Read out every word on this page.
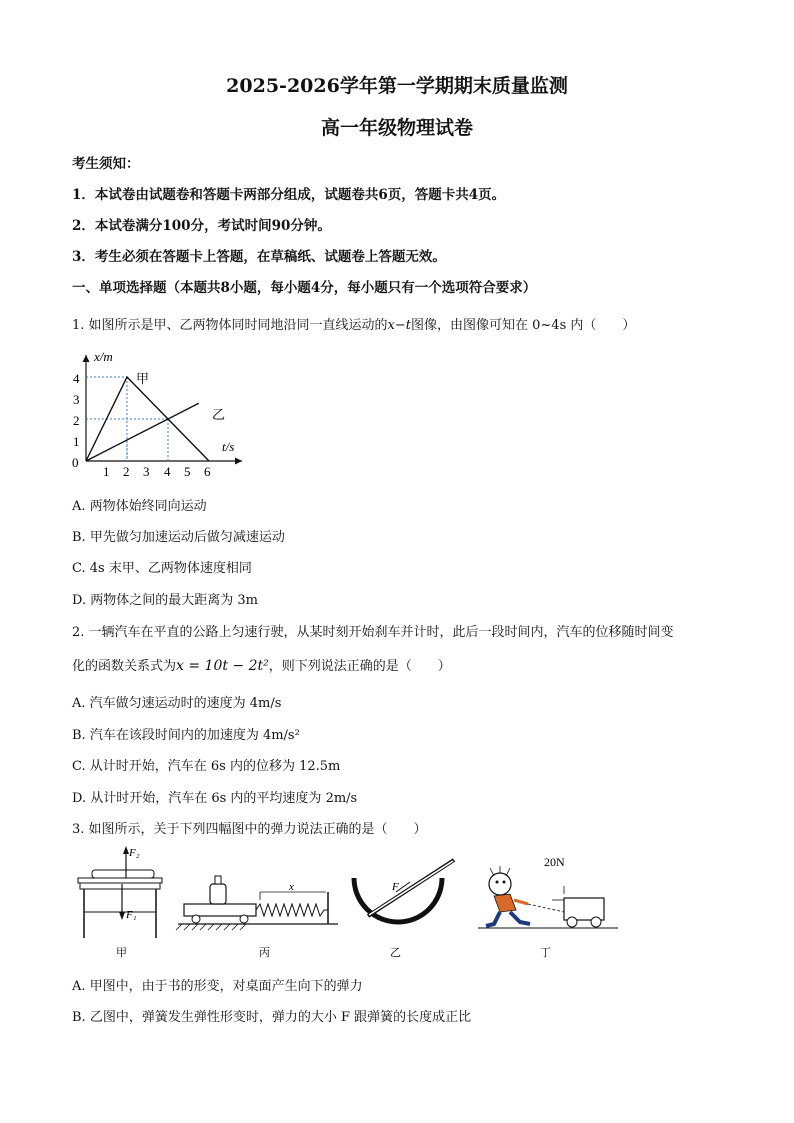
2025-2026学年第一学期期末质量监测
高一年级物理试卷
考生须知：
1．本试卷由试题卷和答题卡两部分组成，试题卷共6页，答题卡共4页。
2．本试卷满分100分，考试时间90分钟。
3．考生必须在答题卡上答题，在草稿纸、试题卷上答题无效。
一、单项选择题（本题共8小题，每小题4分，每小题只有一个选项符合要求）
1. 如图所示是甲、乙两物体同时同地沿同一直线运动的x−t图像，由图像可知在 0~4s 内（　　）
x/m
t/s
0
1
2
3
4
1 2 3 4 5 6
甲
乙
A. 两物体始终同向运动
B. 甲先做匀加速运动后做匀减速运动
C. 4s 末甲、乙两物体速度相同
D. 两物体之间的最大距离为 3m
2. 一辆汽车在平直的公路上匀速行驶，从某时刻开始刹车并计时，此后一段时间内，汽车的位移随时间变
化的函数关系式为x = 10t − 2t²，则下列说法正确的是（　　）
A. 汽车做匀速运动时的速度为 4m/s
B. 汽车在该段时间内的加速度为 4m/s²
C. 从计时开始，汽车在 6s 内的位移为 12.5m
D. 从计时开始，汽车在 6s 内的平均速度为 2m/s
3. 如图所示，关于下列四幅图中的弹力说法正确的是（　　）
F₂
F₁
x	F
20N
甲	丙	乙	丁
A. 甲图中，由于书的形变，对桌面产生向下的弹力
B. 乙图中，弹簧发生弹性形变时，弹力的大小 F 跟弹簧的长度成正比
